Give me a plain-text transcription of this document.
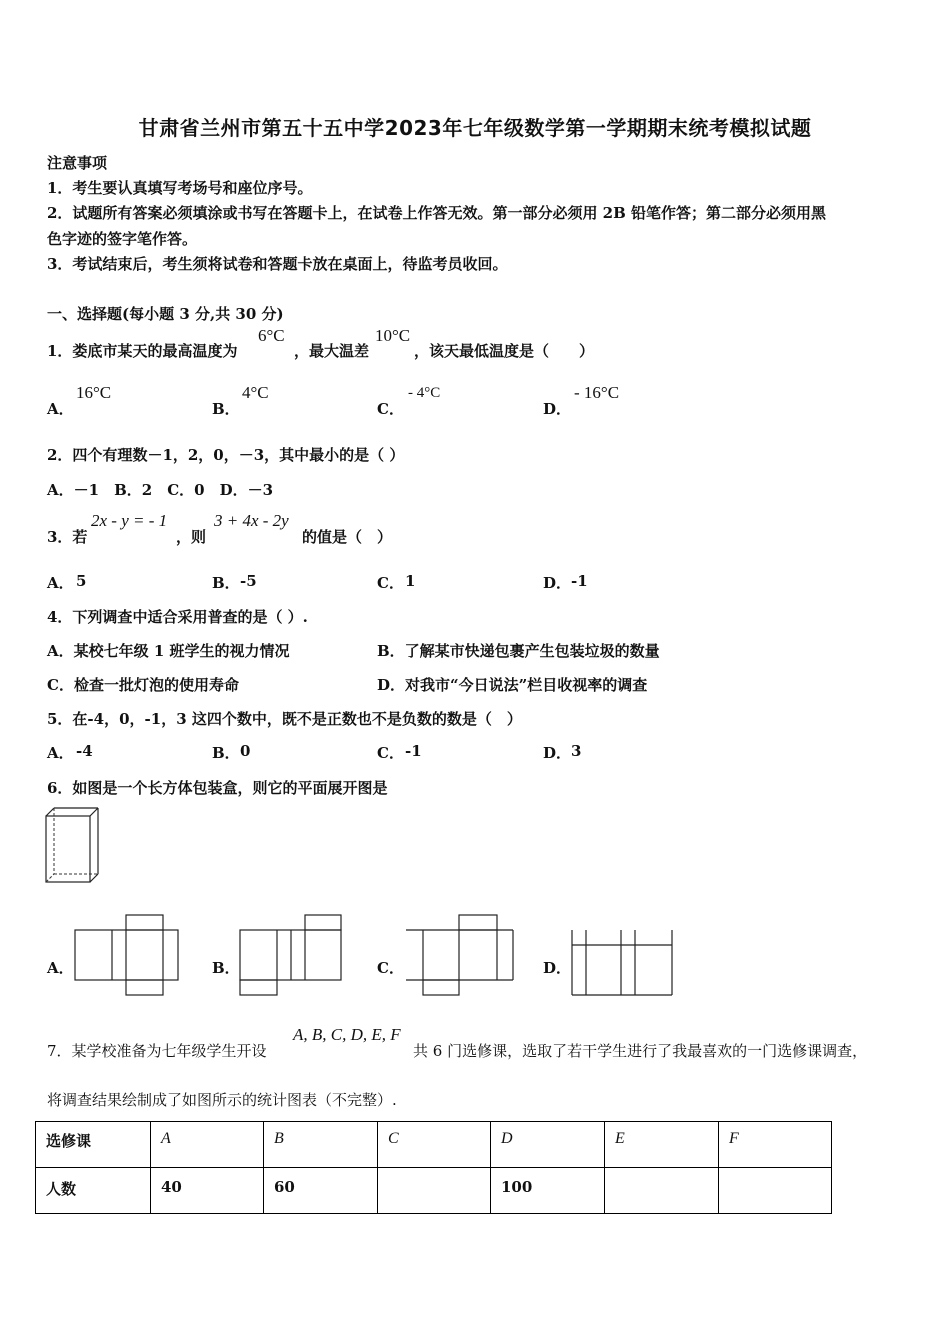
甘肃省兰州市第五十五中学2023年七年级数学第一学期期末统考模拟试题
注意事项
1．考生要认真填写考场号和座位序号。
2．试题所有答案必须填涂或书写在答题卡上，在试卷上作答无效。第一部分必须用 2B 铅笔作答；第二部分必须用黑
色字迹的签字笔作答。
3．考试结束后，考生须将试卷和答题卡放在桌面上，待监考员收回。
一、选择题(每小题 3 分,共 30 分)
1．娄底市某天的最高温度为
6°C
，最大温差
10°C
，该天最低温度是（　　）
A．
16°C
B．
4°C
C．
- 4°C
D．
- 16°C
2．四个有理数－1，2，0，－3，其中最小的是（ ）
A．－1　B．2　C．0　D．－3
3．若
2x - y = - 1
，则
3 + 4x - 2y
的值是（　）
A． 5	B． -5	C． 1	D． -1
4．下列调查中适合采用普查的是（ ）.
A．某校七年级 1 班学生的视力情况	B．了解某市快递包裹产生包装垃圾的数量
C．检查一批灯泡的使用寿命	D．对我市“今日说法”栏目收视率的调查
5．在-4，0，-1，3 这四个数中，既不是正数也不是负数的数是（　）
A． -4	B． 0	C． -1	D． 3
6．如图是一个长方体包装盒，则它的平面展开图是
A．	B．	C．	D．
7．某学校准备为七年级学生开设
A, B, C, D, E, F
共 6 门选修课，选取了若干学生进行了我最喜欢的一门选修课调查，
将调查结果绘制成了如图所示的统计图表（不完整）.
选修课	A	B	C	D	E	F
人数	40	60		100		
